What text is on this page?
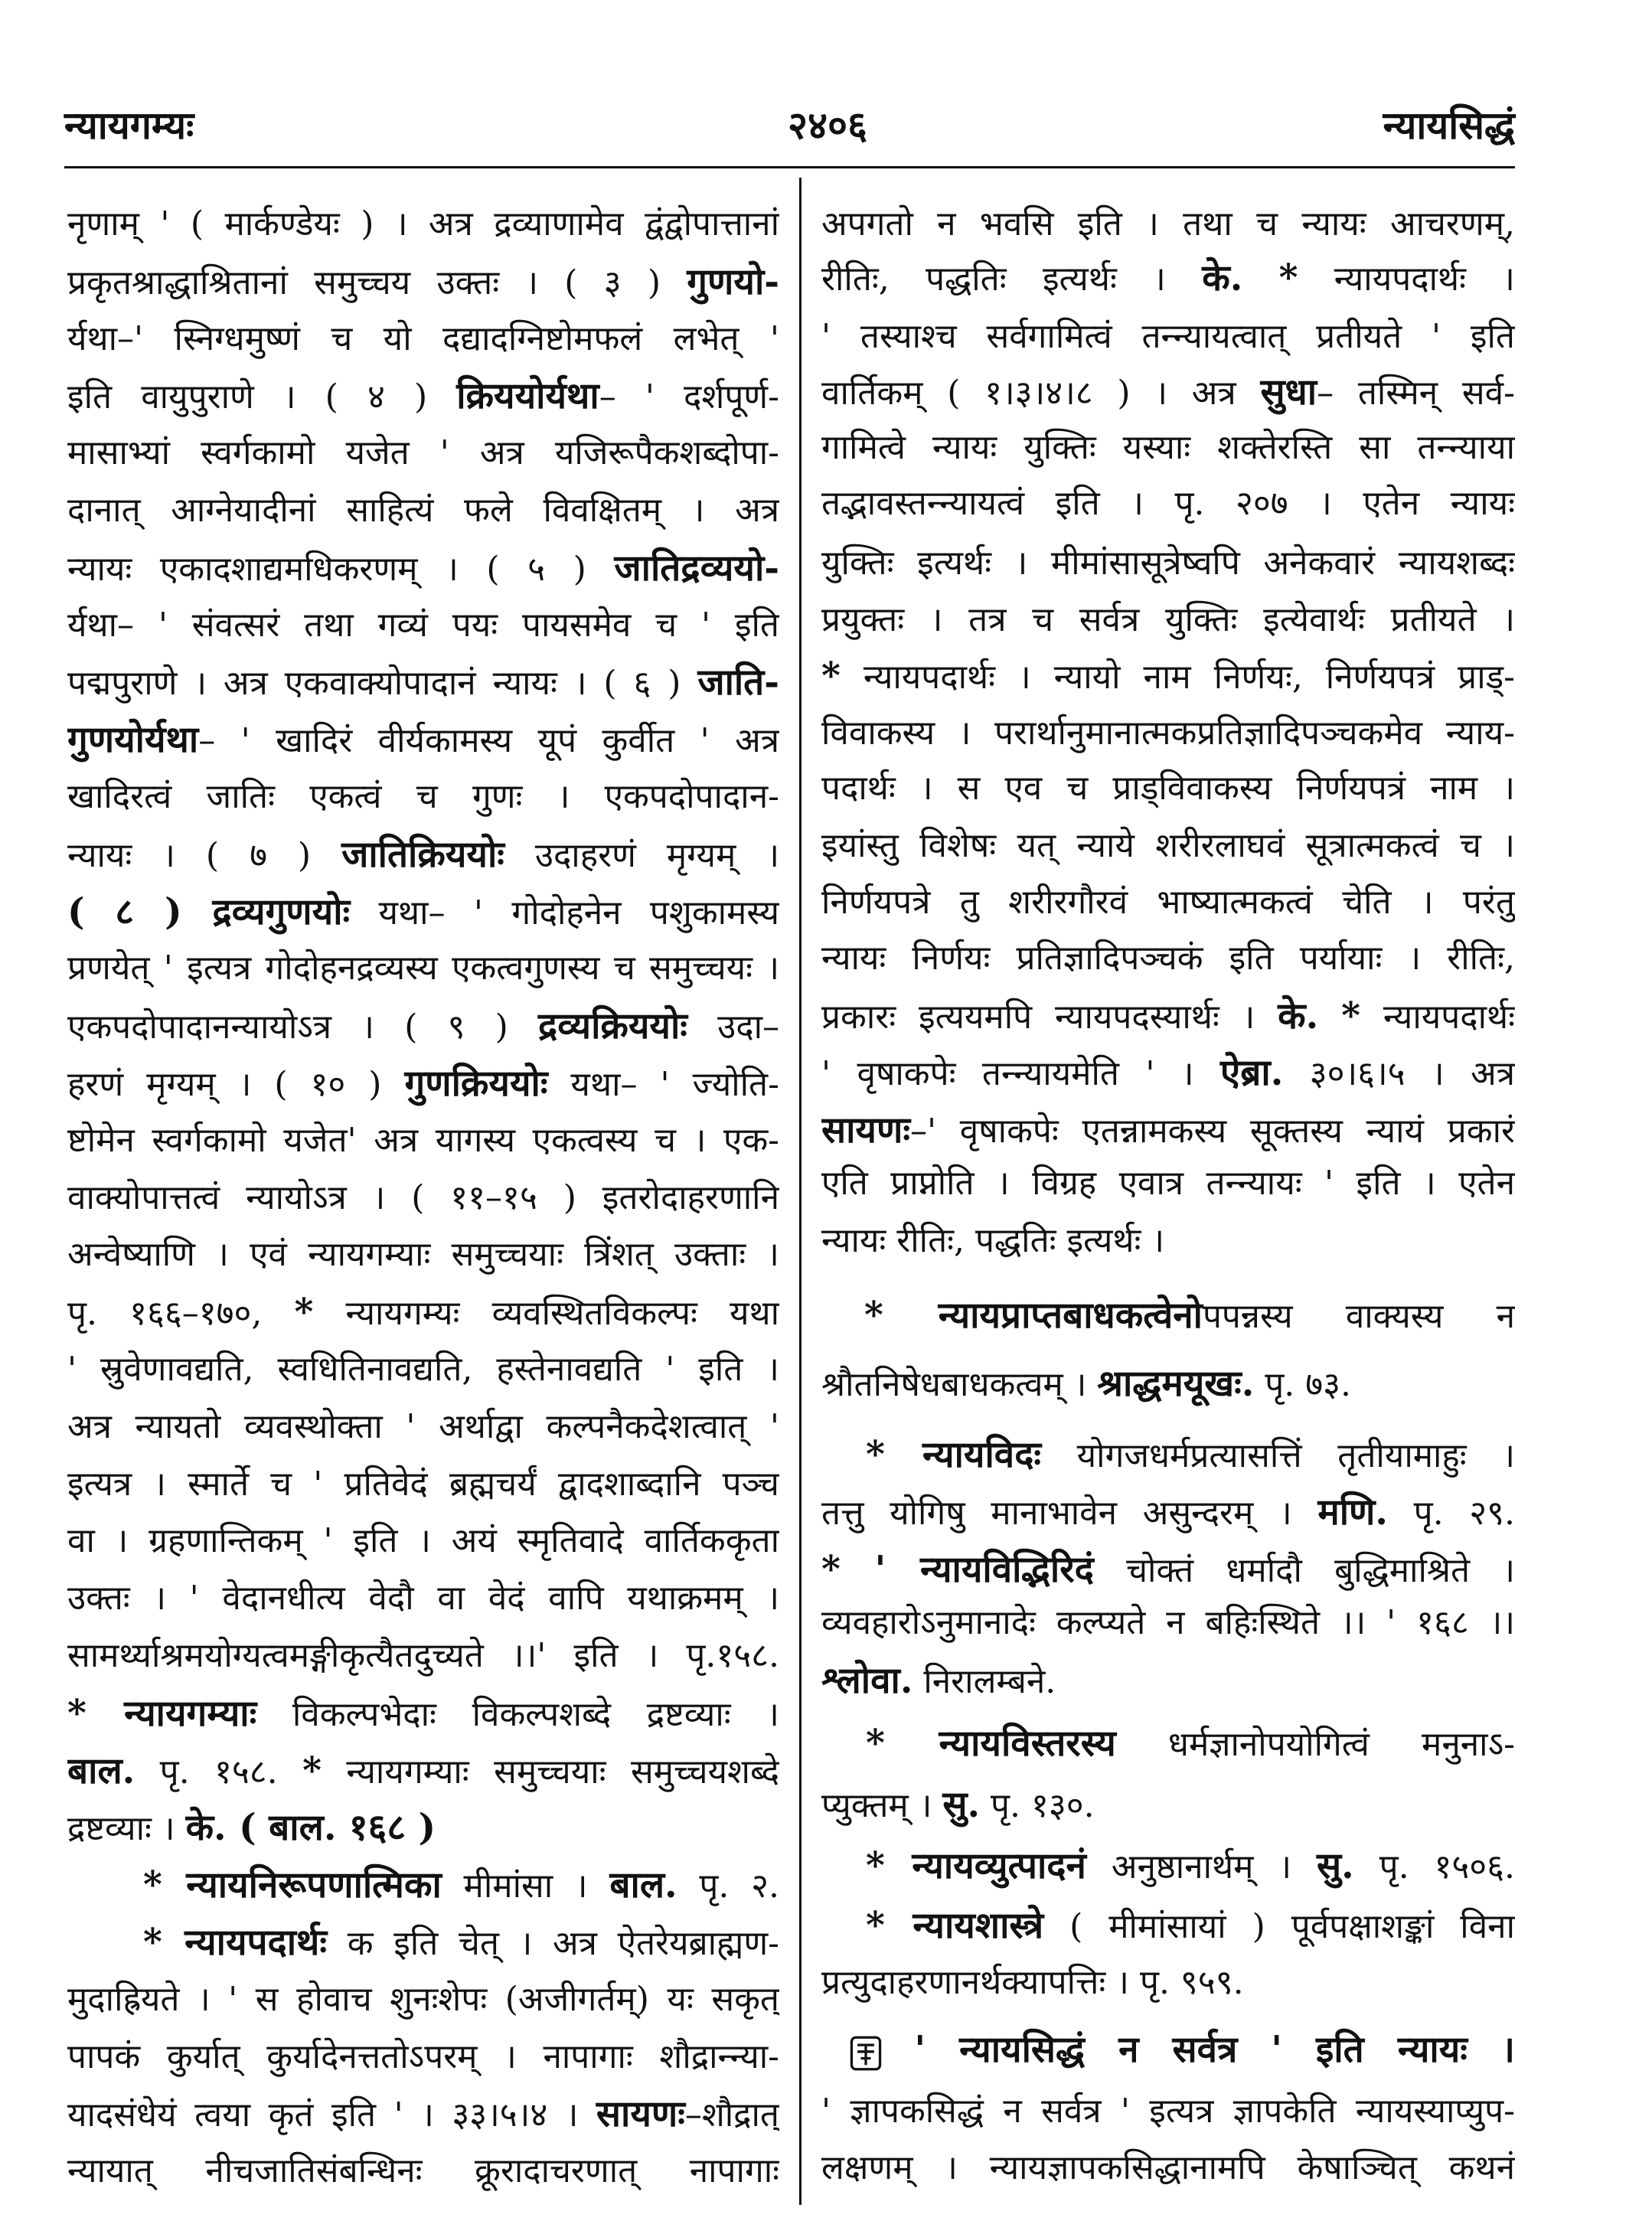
न्यायगम्यः	२४०६	न्यायसिद्धं
नृणाम् ' ( मार्कण्डेयः ) । अत्र द्रव्याणामेव द्वंद्वोपात्तानां
प्रकृतश्राद्धाश्रितानां समुच्चय उक्तः । ( ३ ) गुणयो-
र्यथा–' स्निग्धमुष्णं च यो दद्यादग्निष्टोमफलं लभेत् '
इति वायुपुराणे । ( ४ ) क्रिययोर्यथा– ' दर्शपूर्ण-
मासाभ्यां स्वर्गकामो यजेत ' अत्र यजिरूपैकशब्दोपा-
दानात् आग्नेयादीनां साहित्यं फले विवक्षितम् । अत्र
न्यायः एकादशाद्यमधिकरणम् । ( ५ ) जातिद्रव्ययो-
र्यथा– ' संवत्सरं तथा गव्यं पयः पायसमेव च ' इति
पद्मपुराणे । अत्र एकवाक्योपादानं न्यायः । ( ६ ) जाति-
गुणयोर्यथा– ' खादिरं वीर्यकामस्य यूपं कुर्वीत ' अत्र
खादिरत्वं जातिः एकत्वं च गुणः । एकपदोपादान-
न्यायः । ( ७ ) जातिक्रिययोः उदाहरणं मृग्यम् ।
( ८ ) द्रव्यगुणयोः यथा– ' गोदोहनेन पशुकामस्य
प्रणयेत् ' इत्यत्र गोदोहनद्रव्यस्य एकत्वगुणस्य च समुच्चयः ।
एकपदोपादानन्यायोऽत्र । ( ९ ) द्रव्यक्रिययोः उदा–
हरणं मृग्यम् । ( १० ) गुणक्रिययोः यथा– ' ज्योति-
ष्टोमेन स्वर्गकामो यजेत' अत्र यागस्य एकत्वस्य च । एक-
वाक्योपात्तत्वं न्यायोऽत्र । ( ११–१५ ) इतरोदाहरणानि
अन्वेष्याणि । एवं न्यायगम्याः समुच्चयाः त्रिंशत् उक्ताः ।
पृ. १६६–१७०, * न्यायगम्यः व्यवस्थितविकल्पः यथा
' स्रुवेणावद्यति, स्वधितिनावद्यति, हस्तेनावद्यति ' इति ।
अत्र न्यायतो व्यवस्थोक्ता ' अर्थाद्वा कल्पनैकदेशत्वात् '
इत्यत्र । स्मार्ते च ' प्रतिवेदं ब्रह्मचर्यं द्वादशाब्दानि पञ्च
वा । ग्रहणान्तिकम् ' इति । अयं स्मृतिवादे वार्तिककृता
उक्तः । ' वेदानधीत्य वेदौ वा वेदं वापि यथाक्रमम् ।
सामर्थ्याश्रमयोग्यत्वमङ्गीकृत्यैतदुच्यते ।।' इति । पृ.१५८.
* न्यायगम्याः विकल्पभेदाः विकल्पशब्दे द्रष्टव्याः ।
बाल. पृ. १५८. * न्यायगम्याः समुच्चयाः समुच्चयशब्दे
द्रष्टव्याः । के. ( बाल. १६८ )
* न्यायनिरूपणात्मिका मीमांसा । बाल. पृ. २.
* न्यायपदार्थः क इति चेत् । अत्र ऐतरेयब्राह्मण-
मुदाह्रियते । ' स होवाच शुनःशेपः (अजीगर्तम्) यः सकृत्
पापकं कुर्यात् कुर्यादेनत्ततोऽपरम् । नापागाः शौद्रान्न्या-
यादसंधेयं त्वया कृतं इति ' । ३३।५।४ । सायणः–शौद्रात्
न्यायात् नीचजातिसंबन्धिनः क्रूरादाचरणात् नापागाः
अपगतो न भवसि इति । तथा च न्यायः आचरणम्,
रीतिः, पद्धतिः इत्यर्थः । के. * न्यायपदार्थः ।
' तस्याश्च सर्वगामित्वं तन्न्यायत्वात् प्रतीयते ' इति
वार्तिकम् ( १।३।४।८ ) । अत्र सुधा– तस्मिन् सर्व-
गामित्वे न्यायः युक्तिः यस्याः शक्तेरस्ति सा तन्न्याया
तद्भावस्तन्न्यायत्वं इति । पृ. २०७ । एतेन न्यायः
युक्तिः इत्यर्थः । मीमांसासूत्रेष्वपि अनेकवारं न्यायशब्दः
प्रयुक्तः । तत्र च सर्वत्र युक्तिः इत्येवार्थः प्रतीयते ।
* न्यायपदार्थः । न्यायो नाम निर्णयः, निर्णयपत्रं प्राड्-
विवाकस्य । परार्थानुमानात्मकप्रतिज्ञादिपञ्चकमेव न्याय-
पदार्थः । स एव च प्राड्विवाकस्य निर्णयपत्रं नाम ।
इयांस्तु विशेषः यत् न्याये शरीरलाघवं सूत्रात्मकत्वं च ।
निर्णयपत्रे तु शरीरगौरवं भाष्यात्मकत्वं चेति । परंतु
न्यायः निर्णयः प्रतिज्ञादिपञ्चकं इति पर्यायाः । रीतिः,
प्रकारः इत्ययमपि न्यायपदस्यार्थः । के. * न्यायपदार्थः
' वृषाकपेः तन्न्यायमेति ' । ऐब्रा. ३०।६।५ । अत्र
सायणः–' वृषाकपेः एतन्नामकस्य सूक्तस्य न्यायं प्रकारं
एति प्राप्नोति । विग्रह एवात्र तन्न्यायः ' इति । एतेन
न्यायः रीतिः, पद्धतिः इत्यर्थः ।
* न्यायप्राप्तबाधकत्वेनोपपन्नस्य वाक्यस्य न
श्रौतनिषेधबाधकत्वम् । श्राद्धमयूखः. पृ. ७३.
* न्यायविदः योगजधर्मप्रत्यासत्तिं तृतीयामाहुः ।
तत्तु योगिषु मानाभावेन असुन्दरम् । मणि. पृ. २९.
* ' न्यायविद्भिरिदं चोक्तं धर्मादौ बुद्धिमाश्रिते ।
व्यवहारोऽनुमानादेः कल्प्यते न बहिःस्थिते ।। ' १६८ ।।
श्लोवा. निरालम्बने.
* न्यायविस्तरस्य धर्मज्ञानोपयोगित्वं मनुनाऽ-
प्युक्तम् । सु. पृ. १३०.
* न्यायव्युत्पादनं अनुष्ठानार्थम् । सु. पृ. १५०६.
* न्यायशास्त्रे ( मीमांसायां ) पूर्वपक्षाशङ्कां विना
प्रत्युदाहरणानर्थक्यापत्तिः । पृ. ९५९.
' न्यायसिद्धं न सर्वत्र ' इति न्यायः ।
' ज्ञापकसिद्धं न सर्वत्र ' इत्यत्र ज्ञापकेति न्यायस्याप्युप-
लक्षणम् । न्यायज्ञापकसिद्धानामपि केषाञ्चित् कथनं
